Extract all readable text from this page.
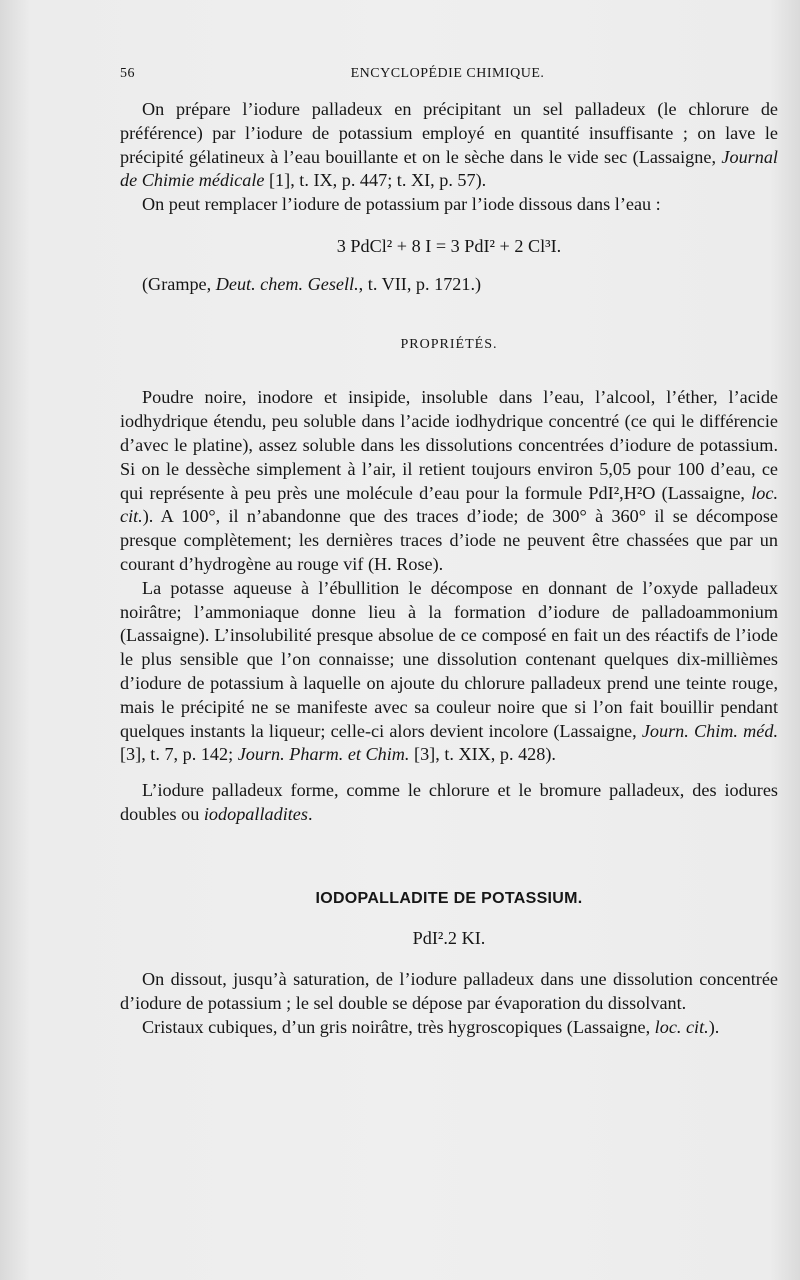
56	ENCYCLOPÉDIE CHIMIQUE.

On prépare l’iodure palladeux en précipitant un sel palladeux (le chlorure de préférence) par l’iodure de potassium employé en quantité insuffisante ; on lave le précipité gélatineux à l’eau bouillante et on le sèche dans le vide sec (Lassaigne, Journal de Chimie médicale [1], t. IX, p. 447; t. XI, p. 57).

On peut remplacer l’iodure de potassium par l’iode dissous dans l’eau :

3 PdCl² + 8 I = 3 PdI² + 2 Cl³I.

(Grampe, Deut. chem. Gesell., t. VII, p. 1721.)

PROPRIÉTÉS.

Poudre noire, inodore et insipide, insoluble dans l’eau, l’alcool, l’éther, l’acide iodhydrique étendu, peu soluble dans l’acide iodhydrique concentré (ce qui le différencie d’avec le platine), assez soluble dans les dissolutions concentrées d’iodure de potassium. Si on le dessèche simplement à l’air, il retient toujours environ 5,05 pour 100 d’eau, ce qui représente à peu près une molécule d’eau pour la formule PdI²,H²O (Lassaigne, loc. cit.). A 100°, il n’abandonne que des traces d’iode; de 300° à 360° il se décompose presque complètement; les dernières traces d’iode ne peuvent être chassées que par un courant d’hydrogène au rouge vif (H. Rose).

La potasse aqueuse à l’ébullition le décompose en donnant de l’oxyde palladeux noirâtre; l’ammoniaque donne lieu à la formation d’iodure de palladoammonium (Lassaigne). L’insolubilité presque absolue de ce composé en fait un des réactifs de l’iode le plus sensible que l’on connaisse; une dissolution contenant quelques dix-millièmes d’iodure de potassium à laquelle on ajoute du chlorure palladeux prend une teinte rouge, mais le précipité ne se manifeste avec sa couleur noire que si l’on fait bouillir pendant quelques instants la liqueur; celle-ci alors devient incolore (Lassaigne, Journ. Chim. méd. [3], t. 7, p. 142; Journ. Pharm. et Chim. [3], t. XIX, p. 428).

L’iodure palladeux forme, comme le chlorure et le bromure palladeux, des iodures doubles ou iodopalladites.

IODOPALLADITE DE POTASSIUM.

PdI².2 KI.

On dissout, jusqu’à saturation, de l’iodure palladeux dans une dissolution concentrée d’iodure de potassium ; le sel double se dépose par évaporation du dissolvant.

Cristaux cubiques, d’un gris noirâtre, très hygroscopiques (Lassaigne, loc. cit.).
